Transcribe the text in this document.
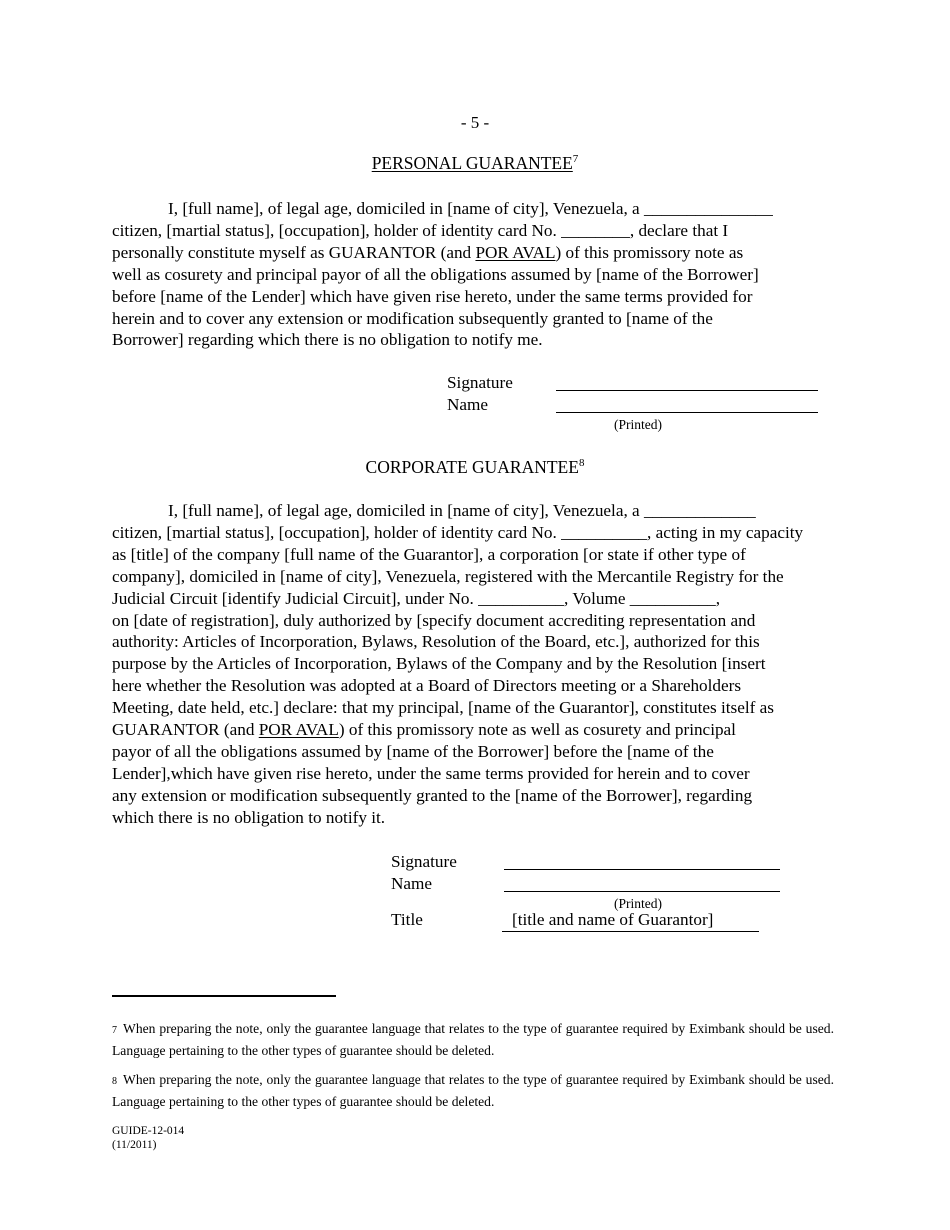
- 5 -
PERSONAL GUARANTEE$^7$

I, [full name], of legal age, domiciled in [name of city], Venezuela, a _______________

citizen, [martial status], [occupation], holder of identity card No. ________, declare that I

personally constitute myself as GUARANTOR (and POR AVAL) of this promissory note as

well as cosurety and principal payor of all the obligations assumed by [name of the Borrower]

before [name of the Lender] which have given rise hereto, under the same terms provided for

herein and to cover any extension or modification subsequently granted to [name of the

Borrower] regarding which there is no obligation to notify me.

Signature
Name
(Printed)
CORPORATE GUARANTEE$^8$

I, [full name], of legal age, domiciled in [name of city], Venezuela, a _____________

citizen, [martial status], [occupation], holder of identity card No. __________, acting in my capacity

as [title] of the company [full name of the Guarantor], a corporation [or state if other type of

company], domiciled in [name of city], Venezuela, registered with the Mercantile Registry for the

Judicial Circuit [identify Judicial Circuit], under No. __________, Volume __________,

on [date of registration], duly authorized by [specify document accrediting representation and

authority: Articles of Incorporation, Bylaws, Resolution of the Board, etc.], authorized for this

purpose by the Articles of Incorporation, Bylaws of the Company and by the Resolution [insert

here whether the Resolution was adopted at a Board of Directors meeting or a Shareholders

Meeting, date held, etc.] declare: that my principal, [name of the Guarantor], constitutes itself as

GUARANTOR (and POR AVAL) of this promissory note as well as cosurety and principal

payor of all the obligations assumed by [name of the Borrower] before the [name of the

Lender],which have given rise hereto, under the same terms provided for herein and to cover

any extension or modification subsequently granted to the [name of the Borrower], regarding

which there is no obligation to notify it.

Signature
Name
(Printed)
Title	[title and name of Guarantor]

7 When preparing the note, only the guarantee language that relates to the type of guarantee required by Eximbank should be used. Language pertaining to the other types of guarantee should be deleted.

8 When preparing the note, only the guarantee language that relates to the type of guarantee required by Eximbank should be used. Language pertaining to the other types of guarantee should be deleted.

GUIDE-12-014
(11/2011)
